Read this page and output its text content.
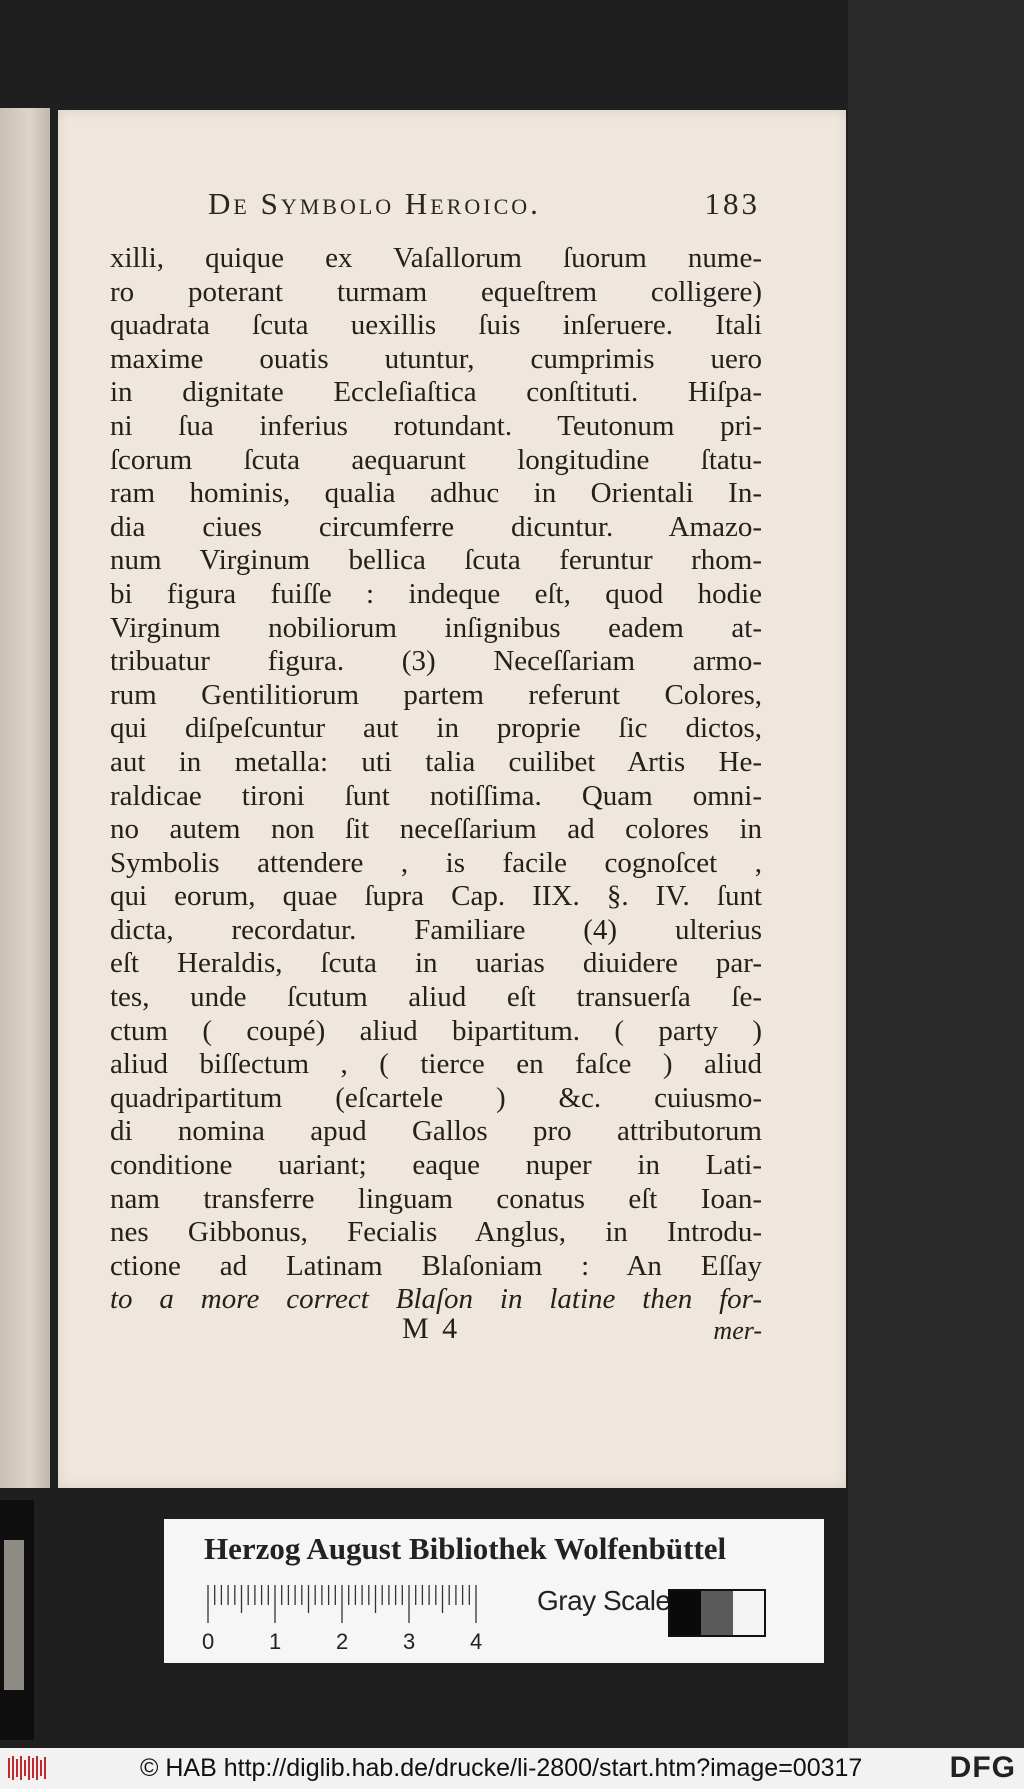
De Symbolo Heroico.	183
xilli, quique ex Vaſallorum ſuorum nume-
ro poterant turmam equeſtrem colligere)
quadrata ſcuta uexillis ſuis inſeruere. Itali
maxime ouatis utuntur, cumprimis uero
in dignitate Eccleſiaſtica conſtituti. Hiſpa-
ni ſua inferius rotundant. Teutonum pri-
ſcorum ſcuta aequarunt longitudine ſtatu-
ram hominis, qualia adhuc in Orientali In-
dia ciues circumferre dicuntur. Amazo-
num Virginum bellica ſcuta feruntur rhom-
bi figura fuiſſe : indeque eſt, quod hodie
Virginum nobiliorum inſignibus eadem at-
tribuatur figura. (3) Neceſſariam armo-
rum Gentilitiorum partem referunt Colores,
qui diſpeſcuntur aut in proprie ſic dictos,
aut in metalla: uti talia cuilibet Artis He-
raldicae tironi ſunt notiſſima. Quam omni-
no autem non ſit neceſſarium ad colores in
Symbolis attendere , is facile cognoſcet ,
qui eorum, quae ſupra Cap. IIX. §. IV. ſunt
dicta, recordatur. Familiare (4) ulterius
eſt Heraldis, ſcuta in uarias diuidere par-
tes, unde ſcutum aliud eſt transuerſa ſe-
ctum ( coupé) aliud bipartitum. ( party )
aliud biſſectum , ( tierce en faſce ) aliud
quadripartitum (eſcartele ) &c. cuiusmo-
di nomina apud Gallos pro attributorum
conditione uariant; eaque nuper in Lati-
nam transferre linguam conatus eſt Ioan-
nes Gibbonus, Fecialis Anglus, in Introdu-
ctione ad Latinam Blaſoniam : An Eſſay
to a more correct Blaſon in latine then for-
M 4	mer-
Herzog August Bibliothek Wolfenbüttel
0 1 2 3 4
Gray Scale
© HAB http://diglib.hab.de/drucke/li-2800/start.htm?image=00317	DFG
